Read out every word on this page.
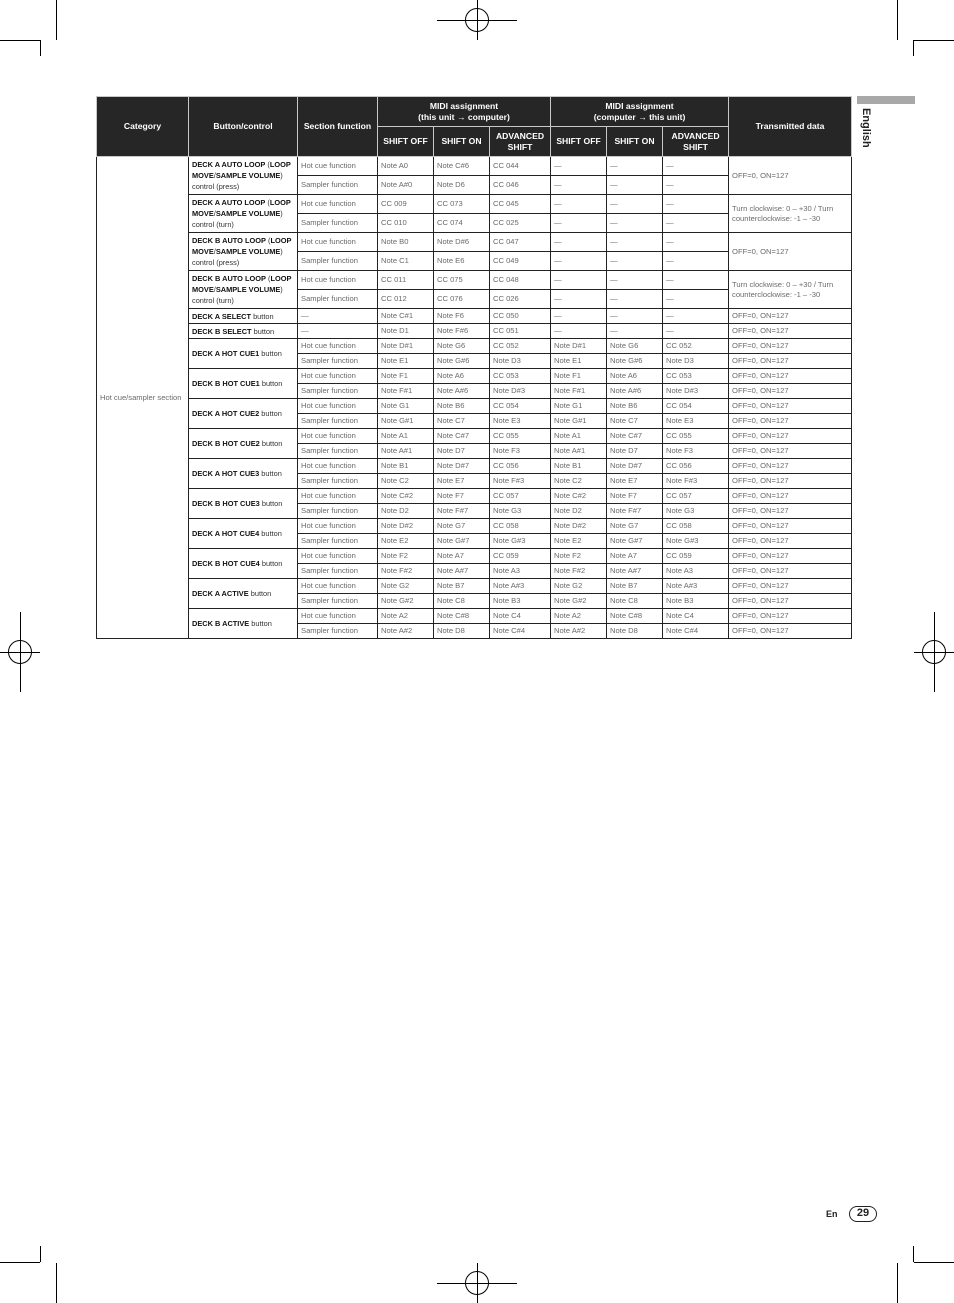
English
Category	Button/control	Section function	MIDI assignment
(this unit → computer)			MIDI assignment
(computer → this unit)			Transmitted data
			SHIFT OFF	SHIFT ON	ADVANCED SHIFT	SHIFT OFF	SHIFT ON	ADVANCED SHIFT	
Hot cue/sampler section	DECK A AUTO LOOP (LOOP MOVE/SAMPLE VOLUME) control (press)	Hot cue function	Note A0	Note C#6	CC 044	—	—	—	OFF=0, ON=127
		Sampler function	Note A#0	Note D6	CC 046	—	—	—	
	DECK A AUTO LOOP (LOOP MOVE/SAMPLE VOLUME) control (turn)	Hot cue function	CC 009	CC 073	CC 045	—	—	—	Turn clockwise: 0 – +30 / Turn counterclockwise: -1 – -30
		Sampler function	CC 010	CC 074	CC 025	—	—	—	
	DECK B AUTO LOOP (LOOP MOVE/SAMPLE VOLUME) control (press)	Hot cue function	Note B0	Note D#6	CC 047	—	—	—	OFF=0, ON=127
		Sampler function	Note C1	Note E6	CC 049	—	—	—	
	DECK B AUTO LOOP (LOOP MOVE/SAMPLE VOLUME) control (turn)	Hot cue function	CC 011	CC 075	CC 048	—	—	—	Turn clockwise: 0 – +30 / Turn counterclockwise: -1 – -30
		Sampler function	CC 012	CC 076	CC 026	—	—	—	
	DECK A SELECT button	—	Note C#1	Note F6	CC 050	—	—	—	OFF=0, ON=127
	DECK B SELECT button	—	Note D1	Note F#6	CC 051	—	—	—	OFF=0, ON=127
	DECK A HOT CUE1 button	Hot cue function	Note D#1	Note G6	CC 052	Note D#1	Note G6	CC 052	OFF=0, ON=127
		Sampler function	Note E1	Note G#6	Note D3	Note E1	Note G#6	Note D3	OFF=0, ON=127
	DECK B HOT CUE1 button	Hot cue function	Note F1	Note A6	CC 053	Note F1	Note A6	CC 053	OFF=0, ON=127
		Sampler function	Note F#1	Note A#6	Note D#3	Note F#1	Note A#6	Note D#3	OFF=0, ON=127
	DECK A HOT CUE2 button	Hot cue function	Note G1	Note B6	CC 054	Note G1	Note B6	CC 054	OFF=0, ON=127
		Sampler function	Note G#1	Note C7	Note E3	Note G#1	Note C7	Note E3	OFF=0, ON=127
	DECK B HOT CUE2 button	Hot cue function	Note A1	Note C#7	CC 055	Note A1	Note C#7	CC 055	OFF=0, ON=127
		Sampler function	Note A#1	Note D7	Note F3	Note A#1	Note D7	Note F3	OFF=0, ON=127
	DECK A HOT CUE3 button	Hot cue function	Note B1	Note D#7	CC 056	Note B1	Note D#7	CC 056	OFF=0, ON=127
		Sampler function	Note C2	Note E7	Note F#3	Note C2	Note E7	Note F#3	OFF=0, ON=127
	DECK B HOT CUE3 button	Hot cue function	Note C#2	Note F7	CC 057	Note C#2	Note F7	CC 057	OFF=0, ON=127
		Sampler function	Note D2	Note F#7	Note G3	Note D2	Note F#7	Note G3	OFF=0, ON=127
	DECK A HOT CUE4 button	Hot cue function	Note D#2	Note G7	CC 058	Note D#2	Note G7	CC 058	OFF=0, ON=127
		Sampler function	Note E2	Note G#7	Note G#3	Note E2	Note G#7	Note G#3	OFF=0, ON=127
	DECK B HOT CUE4 button	Hot cue function	Note F2	Note A7	CC 059	Note F2	Note A7	CC 059	OFF=0, ON=127
		Sampler function	Note F#2	Note A#7	Note A3	Note F#2	Note A#7	Note A3	OFF=0, ON=127
	DECK A ACTIVE button	Hot cue function	Note G2	Note B7	Note A#3	Note G2	Note B7	Note A#3	OFF=0, ON=127
		Sampler function	Note G#2	Note C8	Note B3	Note G#2	Note C8	Note B3	OFF=0, ON=127
	DECK B ACTIVE button	Hot cue function	Note A2	Note C#8	Note C4	Note A2	Note C#8	Note C4	OFF=0, ON=127
		Sampler function	Note A#2	Note D8	Note C#4	Note A#2	Note D8	Note C#4	OFF=0, ON=127
En	29
